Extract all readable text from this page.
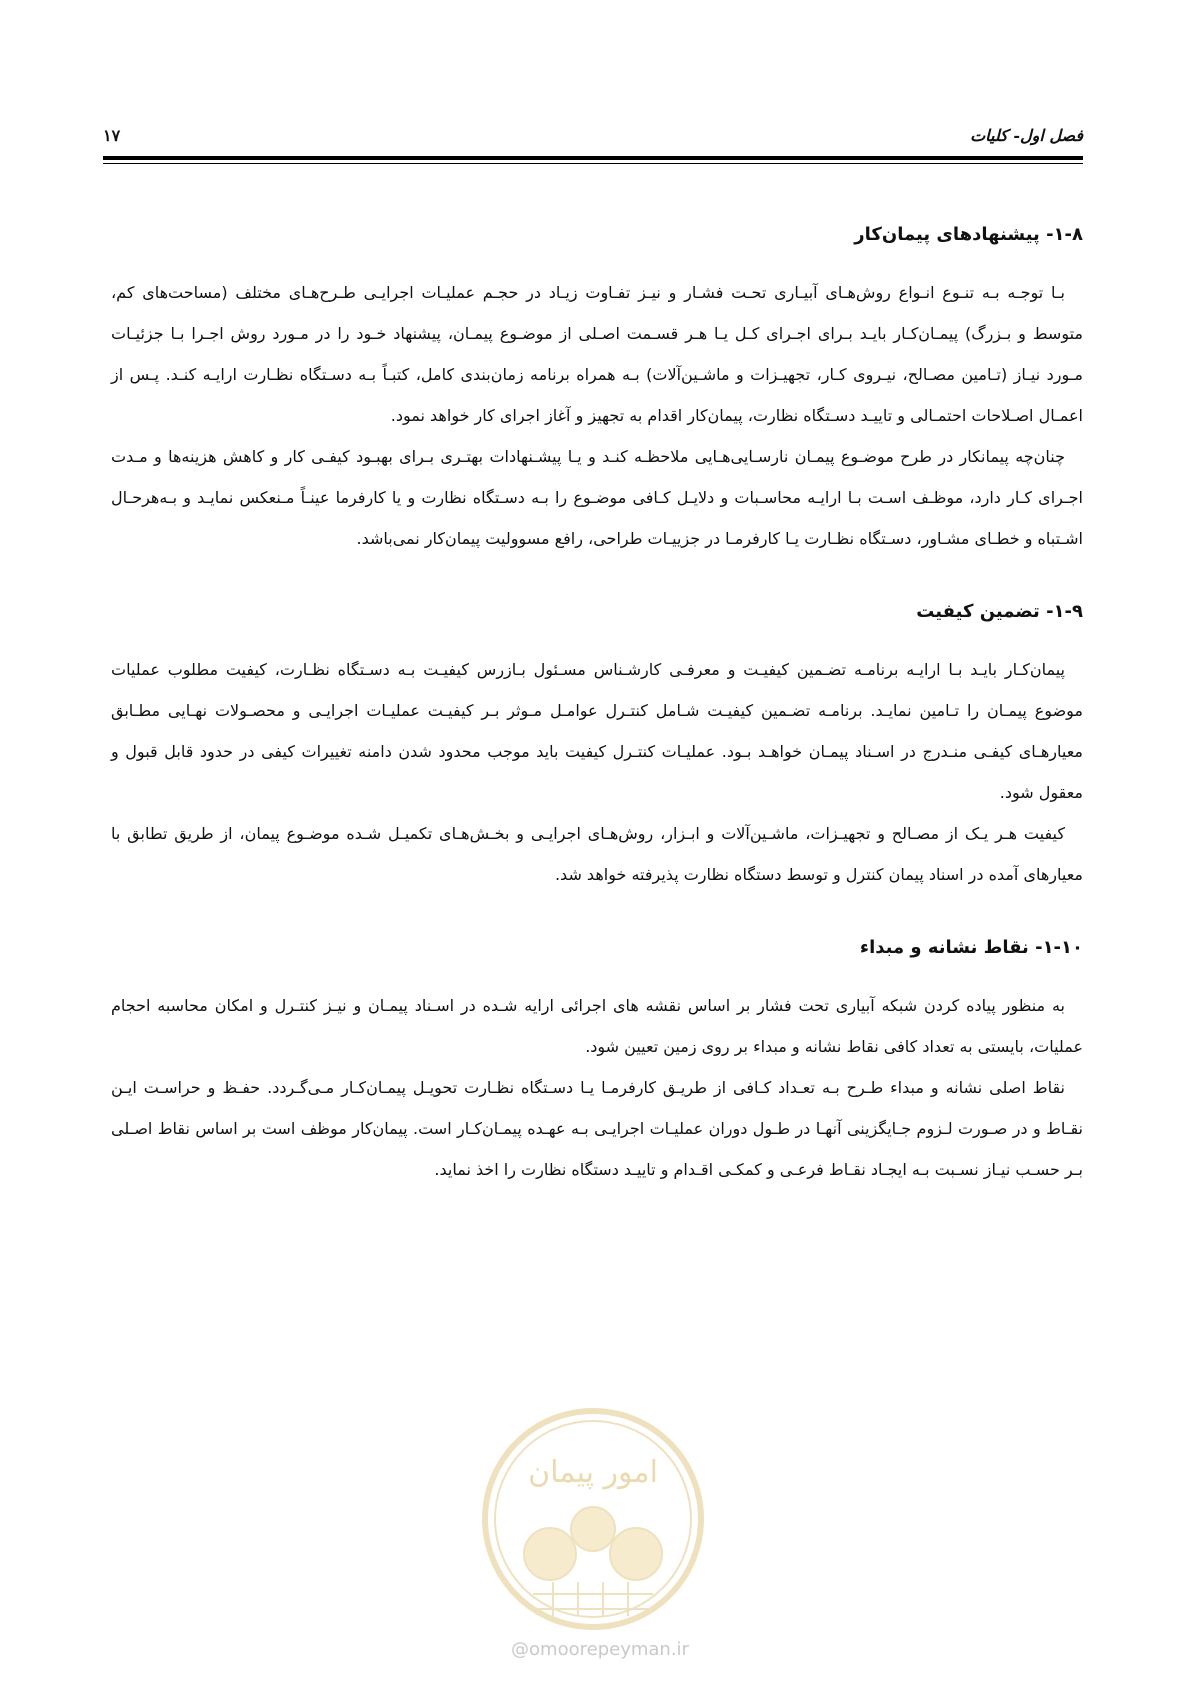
فصل اول- کلیات
۱۷
۱-۸- پیشنهادهای پیمان‌کار

بـا توجـه بـه تنـوع انـواع روش‌هـای آبیـاری تحـت فشـار و نیـز تفـاوت زیـاد در حجـم عملیـات اجرایـی طـرح‌هـای مختلف (مساحت‌های کم، متوسط و بـزرگ) پیمـان‌کـار بایـد بـرای اجـرای کـل یـا هـر قسـمت اصـلی از موضـوع پیمـان، پیشنهاد خـود را در مـورد روش اجـرا بـا جزئیـات مـورد نیـاز (تـامین مصـالح، نیـروی کـار، تجهیـزات و ماشـین‌آلات) بـه همراه برنامه زمان‌بندی کامل، کتبـاً بـه دسـتگاه نظـارت ارایـه کنـد. پـس از اعمـال اصـلاحات احتمـالی و تاییـد دسـتگاه نظارت، پیمان‌کار اقدام به تجهیز و آغاز اجرای کار خواهد نمود.

چنان‌چه پیمانکار در طرح موضـوع پیمـان نارسـایی‌هـایی ملاحظـه کنـد و یـا پیشـنهادات بهتـری بـرای بهبـود کیفـی کار و کاهش هزینه‌ها و مـدت اجـرای کـار دارد، موظـف اسـت بـا ارایـه محاسـبات و دلایـل کـافی موضـوع را بـه دسـتگاه نظارت و یا کارفرما عینـاً مـنعکس نمایـد و بـه‌هرحـال اشـتباه و خطـای مشـاور، دسـتگاه نظـارت یـا کارفرمـا در جزییـات طراحی، رافع مسوولیت پیمان‌کار نمی‌باشد.

۱-۹- تضمین کیفیت

پیمان‌کـار بایـد بـا ارایـه برنامـه تضـمین کیفیـت و معرفـی کارشـناس مسـئول بـازرس کیفیـت بـه دسـتگاه نظـارت، کیفیت مطلوب عملیات موضوع پیمـان را تـامین نمایـد. برنامـه تضـمین کیفیـت شـامل کنتـرل عوامـل مـوثر بـر کیفیـت عملیـات اجرایـی و محصـولات نهـایی مطـابق معیارهـای کیفـی منـدرج در اسـناد پیمـان خواهـد بـود. عملیـات کنتـرل کیفیت باید موجب محدود شدن دامنه تغییرات کیفی در حدود قابل قبول و معقول شود.

کیفیت هـر یـک از مصـالح و تجهیـزات، ماشـین‌آلات و ابـزار، روش‌هـای اجرایـی و بخـش‌هـای تکمیـل شـده موضـوع پیمان، از طریق تطابق با معیارهای آمده در اسناد پیمان کنترل و توسط دستگاه نظارت پذیرفته خواهد شد.

۱-۱۰- نقاط نشانه و مبداء

به منظور پیاده کردن شبکه آبیاری تحت فشار بر اساس نقشه های اجرائی ارایه شـده در اسـناد پیمـان و نیـز کنتـرل و امکان محاسبه احجام عملیات، بایستی به تعداد کافی نقاط نشانه و مبداء بر روی زمین تعیین شود.

نقاط اصلی نشانه و مبداء طـرح بـه تعـداد کـافی از طریـق کارفرمـا یـا دسـتگاه نظـارت تحویـل پیمـان‌کـار مـی‌گـردد. حفـظ و حراسـت ایـن نقـاط و در صـورت لـزوم جـایگزینی آنهـا در طـول دوران عملیـات اجرایـی بـه عهـده پیمـان‌کـار است. پیمان‌کار موظف است بر اساس نقاط اصـلی بـر حسـب نیـاز نسـبت بـه ایجـاد نقـاط فرعـی و کمکـی اقـدام و تاییـد دستگاه نظارت را اخذ نماید.

امور پیمان
@omoorepeyman.ir
